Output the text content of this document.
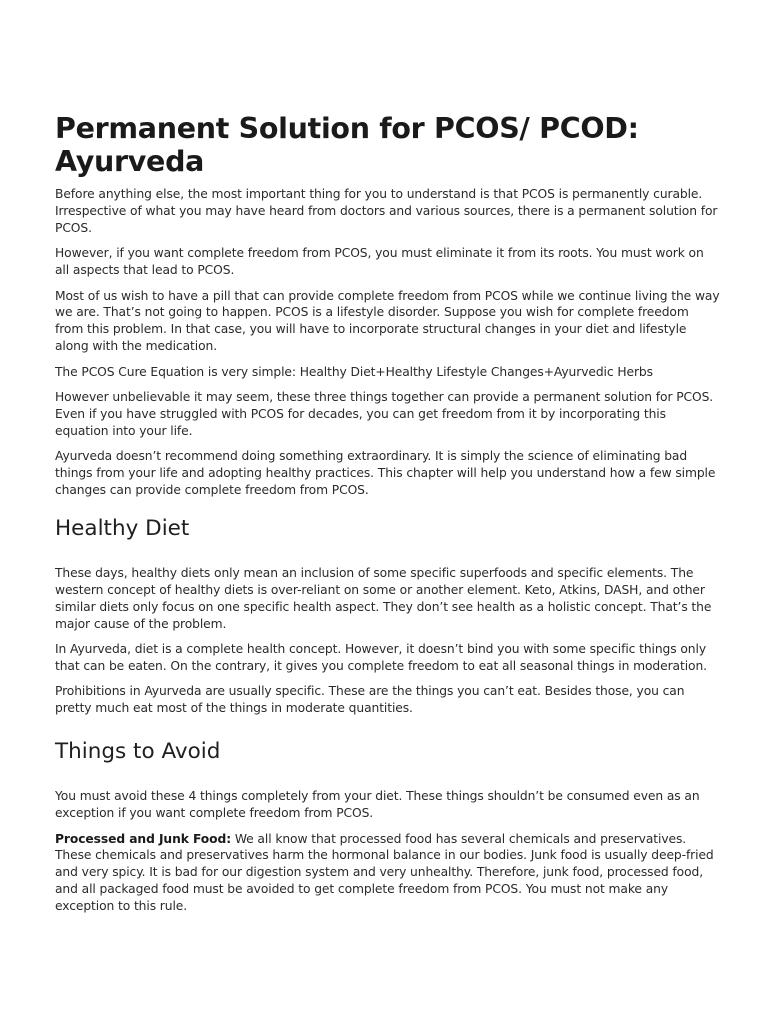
Permanent Solution for PCOS/ PCOD: Ayurveda

Before anything else, the most important thing for you to understand is that PCOS is permanently curable. Irrespective of what you may have heard from doctors and various sources, there is a permanent solution for PCOS.

However, if you want complete freedom from PCOS, you must eliminate it from its roots. You must work on all aspects that lead to PCOS.

Most of us wish to have a pill that can provide complete freedom from PCOS while we continue living the way we are. That’s not going to happen. PCOS is a lifestyle disorder. Suppose you wish for complete freedom from this problem. In that case, you will have to incorporate structural changes in your diet and lifestyle along with the medication.

The PCOS Cure Equation is very simple: Healthy Diet+Healthy Lifestyle Changes+Ayurvedic Herbs

However unbelievable it may seem, these three things together can provide a permanent solution for PCOS. Even if you have struggled with PCOS for decades, you can get freedom from it by incorporating this equation into your life.

Ayurveda doesn’t recommend doing something extraordinary. It is simply the science of eliminating bad things from your life and adopting healthy practices. This chapter will help you understand how a few simple changes can provide complete freedom from PCOS.

Healthy Diet

These days, healthy diets only mean an inclusion of some specific superfoods and specific elements. The western concept of healthy diets is over-reliant on some or another element. Keto, Atkins, DASH, and other similar diets only focus on one specific health aspect. They don’t see health as a holistic concept. That’s the major cause of the problem.

In Ayurveda, diet is a complete health concept. However, it doesn’t bind you with some specific things only that can be eaten. On the contrary, it gives you complete freedom to eat all seasonal things in moderation.

Prohibitions in Ayurveda are usually specific. These are the things you can’t eat. Besides those, you can pretty much eat most of the things in moderate quantities.

Things to Avoid

You must avoid these 4 things completely from your diet. These things shouldn’t be consumed even as an exception if you want complete freedom from PCOS.

Processed and Junk Food: We all know that processed food has several chemicals and preservatives. These chemicals and preservatives harm the hormonal balance in our bodies. Junk food is usually deep-fried and very spicy. It is bad for our digestion system and very unhealthy. Therefore, junk food, processed food, and all packaged food must be avoided to get complete freedom from PCOS. You must not make any exception to this rule.
